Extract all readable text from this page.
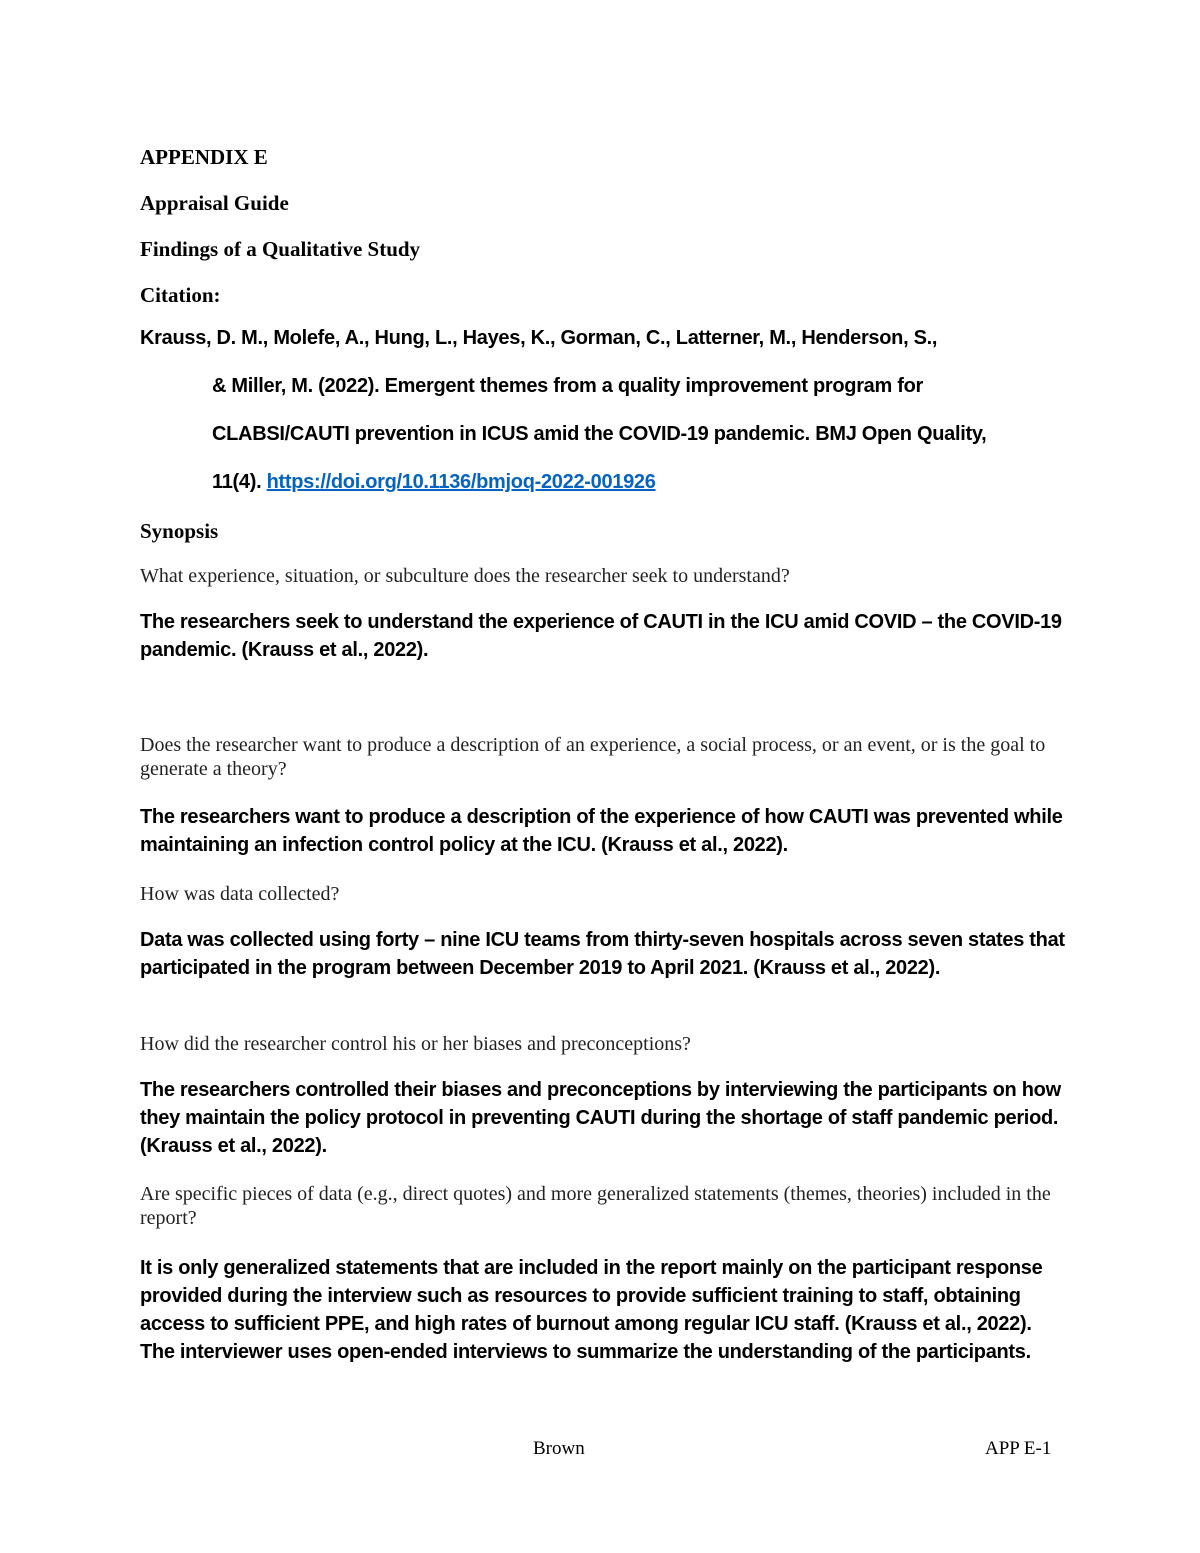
APPENDIX E

Appraisal Guide

Findings of a Qualitative Study

Citation:

Krauss, D. M., Molefe, A., Hung, L., Hayes, K., Gorman, C., Latterner, M., Henderson, S.,

& Miller, M. (2022). Emergent themes from a quality improvement program for

CLABSI/CAUTI prevention in ICUS amid the COVID-19 pandemic. BMJ Open Quality,

11(4). https://doi.org/10.1136/bmjoq-2022-001926

Synopsis

What experience, situation, or subculture does the researcher seek to understand?

The researchers seek to understand the experience of CAUTI in the ICU amid COVID – the COVID-19 pandemic. (Krauss et al., 2022).

Does the researcher want to produce a description of an experience, a social process, or an event, or is the goal to generate a theory?

The researchers want to produce a description of the experience of how CAUTI was prevented while maintaining an infection control policy at the ICU. (Krauss et al., 2022).

How was data collected?

Data was collected using forty – nine ICU teams from thirty-seven hospitals across seven states that participated in the program between December 2019 to April 2021. (Krauss et al., 2022).

How did the researcher control his or her biases and preconceptions?

The researchers controlled their biases and preconceptions by interviewing the participants on how they maintain the policy protocol in preventing CAUTI during the shortage of staff pandemic period. (Krauss et al., 2022).

Are specific pieces of data (e.g., direct quotes) and more generalized statements (themes, theories) included in the report?

It is only generalized statements that are included in the report mainly on the participant response provided during the interview such as resources to provide sufficient training to staff, obtaining access to sufficient PPE, and high rates of burnout among regular ICU staff. (Krauss et al., 2022). The interviewer uses open-ended interviews to summarize the understanding of the participants.

Brown	APP E-1
